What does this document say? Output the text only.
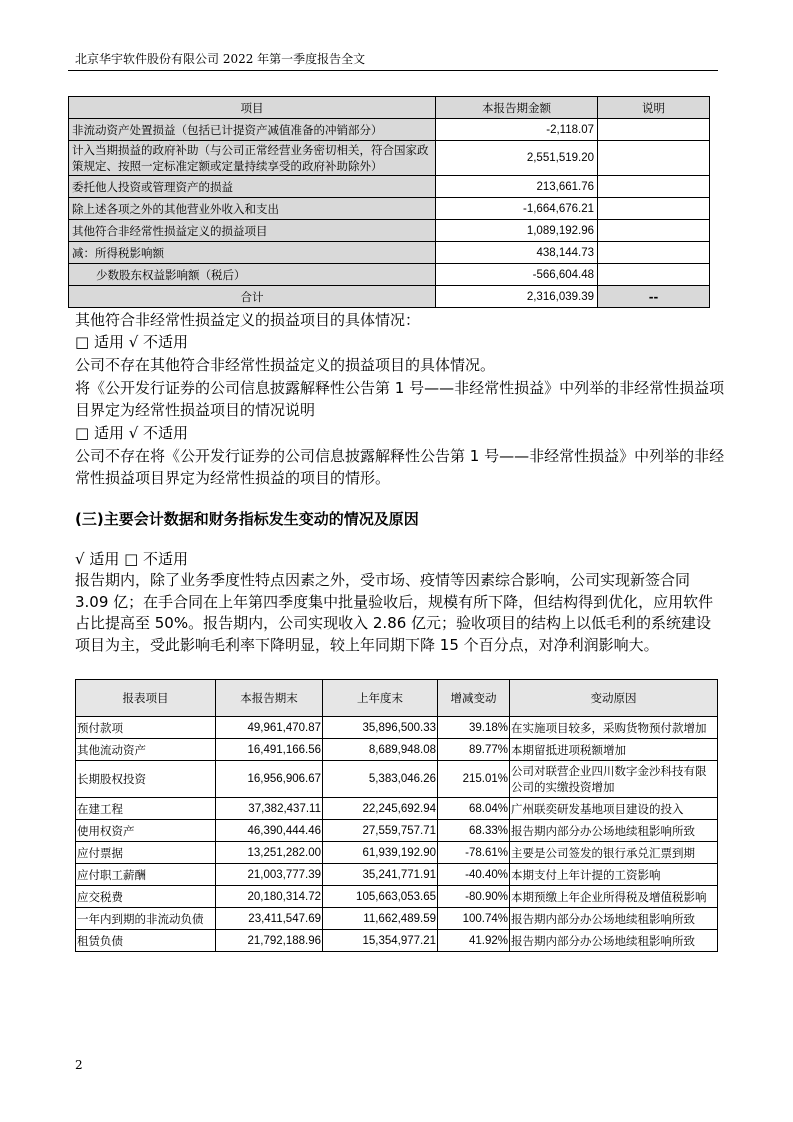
北京华宇软件股份有限公司 2022 年第一季度报告全文
项目	本报告期金额	说明
非流动资产处置损益（包括已计提资产减值准备的冲销部分）	-2,118.07	
计入当期损益的政府补助（与公司正常经营业务密切相关，符合国家政策规定、按照一定标准定额或定量持续享受的政府补助除外）	2,551,519.20	
委托他人投资或管理资产的损益	213,661.76	
除上述各项之外的其他营业外收入和支出	-1,664,676.21	
其他符合非经常性损益定义的损益项目	1,089,192.96	
减：所得税影响额	438,144.73	
少数股东权益影响额（税后）	-566,604.48	
合计	2,316,039.39	--
其他符合非经常性损益定义的损益项目的具体情况：
□ 适用 √ 不适用
公司不存在其他符合非经常性损益定义的损益项目的具体情况。
将《公开发行证券的公司信息披露解释性公告第 1 号——非经常性损益》中列举的非经常性损益项目界定为经常性损益项目的情况说明
□ 适用 √ 不适用
公司不存在将《公开发行证券的公司信息披露解释性公告第 1 号——非经常性损益》中列举的非经常性损益项目界定为经常性损益的项目的情形。
(三)主要会计数据和财务指标发生变动的情况及原因
√ 适用 □ 不适用
报告期内，除了业务季度性特点因素之外，受市场、疫情等因素综合影响，公司实现新签合同 3.09 亿；在手合同在上年第四季度集中批量验收后，规模有所下降，但结构得到优化，应用软件占比提高至 50%。报告期内，公司实现收入 2.86 亿元；验收项目的结构上以低毛利的系统建设项目为主，受此影响毛利率下降明显，较上年同期下降 15 个百分点，对净利润影响大。
报表项目	本报告期末	上年度末	增减变动	变动原因
预付款项	49,961,470.87	35,896,500.33	39.18%	在实施项目较多，采购货物预付款增加
其他流动资产	16,491,166.56	8,689,948.08	89.77%	本期留抵进项税额增加
长期股权投资	16,956,906.67	5,383,046.26	215.01%	公司对联营企业四川数字金沙科技有限公司的实缴投资增加
在建工程	37,382,437.11	22,245,692.94	68.04%	广州联奕研发基地项目建设的投入
使用权资产	46,390,444.46	27,559,757.71	68.33%	报告期内部分办公场地续租影响所致
应付票据	13,251,282.00	61,939,192.90	-78.61%	主要是公司签发的银行承兑汇票到期
应付职工薪酬	21,003,777.39	35,241,771.91	-40.40%	本期支付上年计提的工资影响
应交税费	20,180,314.72	105,663,053.65	-80.90%	本期预缴上年企业所得税及增值税影响
一年内到期的非流动负债	23,411,547.69	11,662,489.59	100.74%	报告期内部分办公场地续租影响所致
租赁负债	21,792,188.96	15,354,977.21	41.92%	报告期内部分办公场地续租影响所致
2
